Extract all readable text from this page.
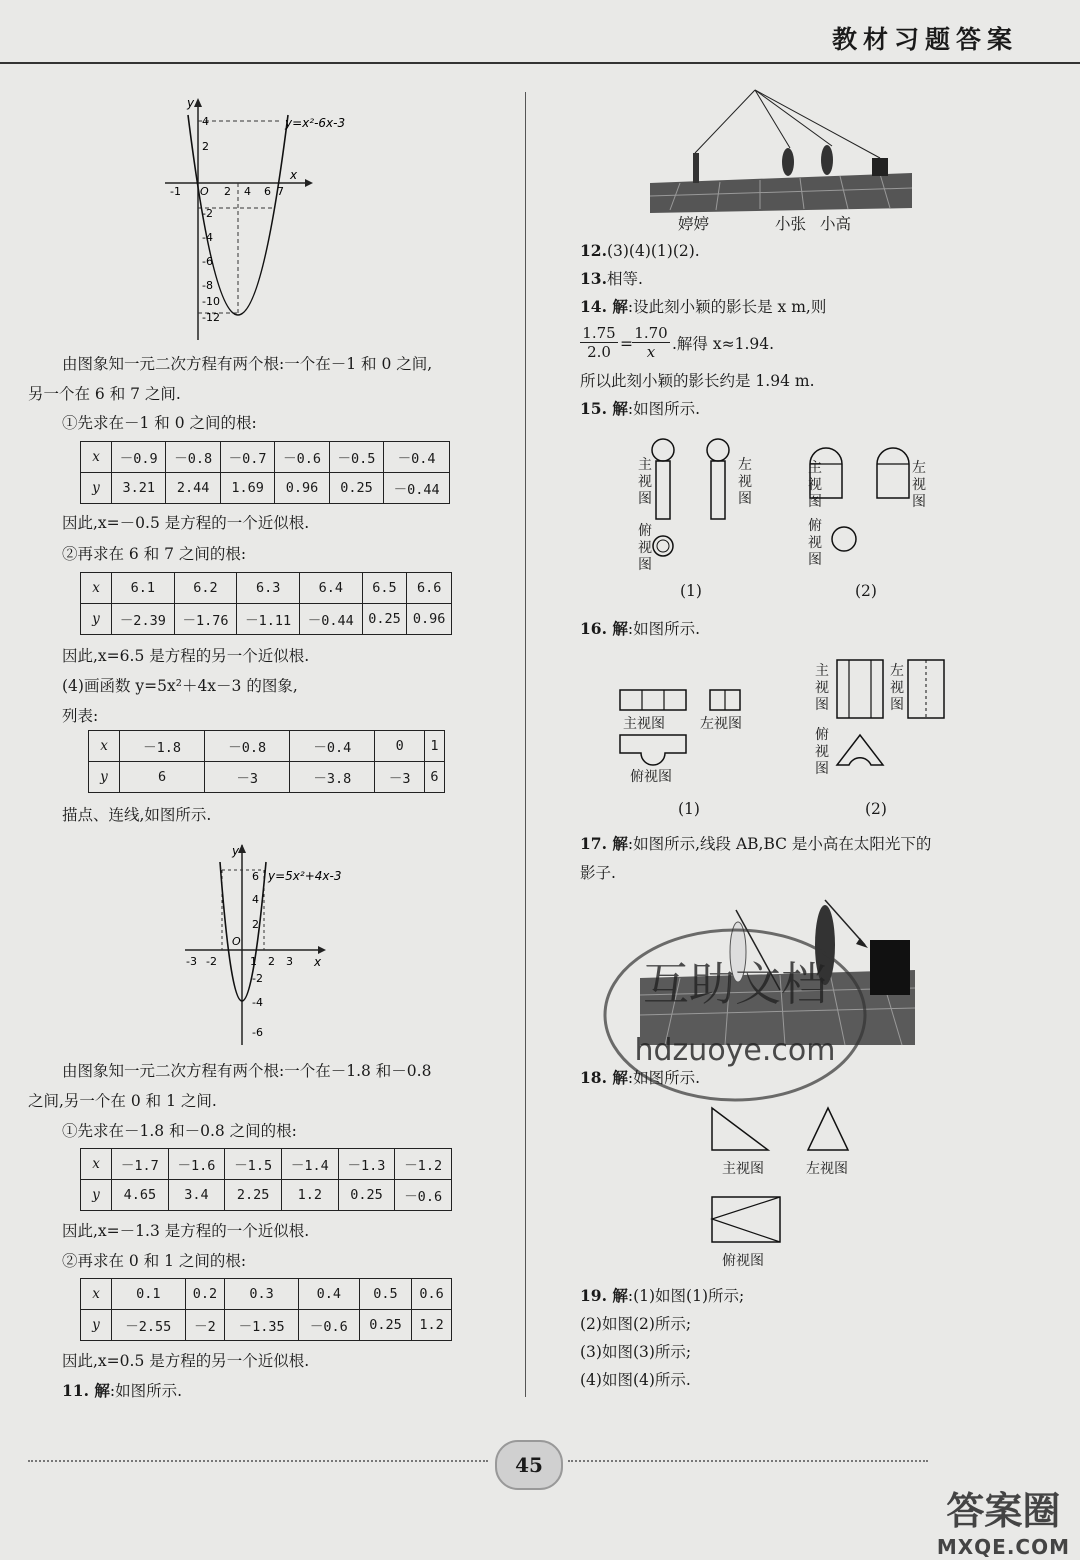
教材习题答案
y
x
4
2
-1 O 2 4 6 7
-2
-4
-6
-8
-10
-12
y=x²-6x-3
由图象知一元二次方程有两个根:一个在－1 和 0 之间,
另一个在 6 和 7 之间.
①先求在－1 和 0 之间的根:
x	－0.9	－0.8	－0.7	－0.6	－0.5	－0.4
y	3.21	2.44	1.69	0.96	0.25	－0.44
因此,x=－0.5 是方程的一个近似根.
②再求在 6 和 7 之间的根:
x	6.1	6.2	6.3	6.4	6.5	6.6
y	－2.39	－1.76	－1.11	－0.44	0.25	0.96
因此,x=6.5 是方程的另一个近似根.
(4)画函数 y=5x²＋4x－3 的图象,
列表:
x	－1.8	－0.8	－0.4	0	1
y	6	－3	－3.8	－3	6
描点、连线,如图所示.
y
x
6
4
2
-3 -2
O
1 2 3
-2
-4
-6
y=5x²+4x-3
由图象知一元二次方程有两个根:一个在－1.8 和－0.8
之间,另一个在 0 和 1 之间.
①先求在－1.8 和－0.8 之间的根:
x	－1.7	－1.6	－1.5	－1.4	－1.3	－1.2
y	4.65	3.4	2.25	1.2	0.25	－0.6
因此,x=－1.3 是方程的一个近似根.
②再求在 0 和 1 之间的根:
x	0.1	0.2	0.3	0.4	0.5	0.6
y	－2.55	－2	－1.35	－0.6	0.25	1.2
因此,x=0.5 是方程的另一个近似根.
11. 解:如图所示.
婷婷	小张 小高
12.(3)(4)(1)(2).
13.相等.
14. 解:设此刻小颖的影长是 x m,则
$\frac{1.75}{2.0} = \frac{1.70}{x}$ .解得 x≈1.94.
所以此刻小颖的影长约是 1.94 m.
15. 解:如图所示.
主视图
左视图
俯视图
主视图
左视图
俯视图
(1)	(2)
16. 解:如图所示.
主视图	左视图
俯视图
主视图
左视图
俯视图
(1)	(2)
17. 解:如图所示,线段 AB,BC 是小高在太阳光下的
影子.
互助文档
hdzuoye.com
18. 解:如图所示.
主视图	左视图
俯视图
19. 解:(1)如图(1)所示;
(2)如图(2)所示;
(3)如图(3)所示;
(4)如图(4)所示.
45
答案圈
MXQE.COM
